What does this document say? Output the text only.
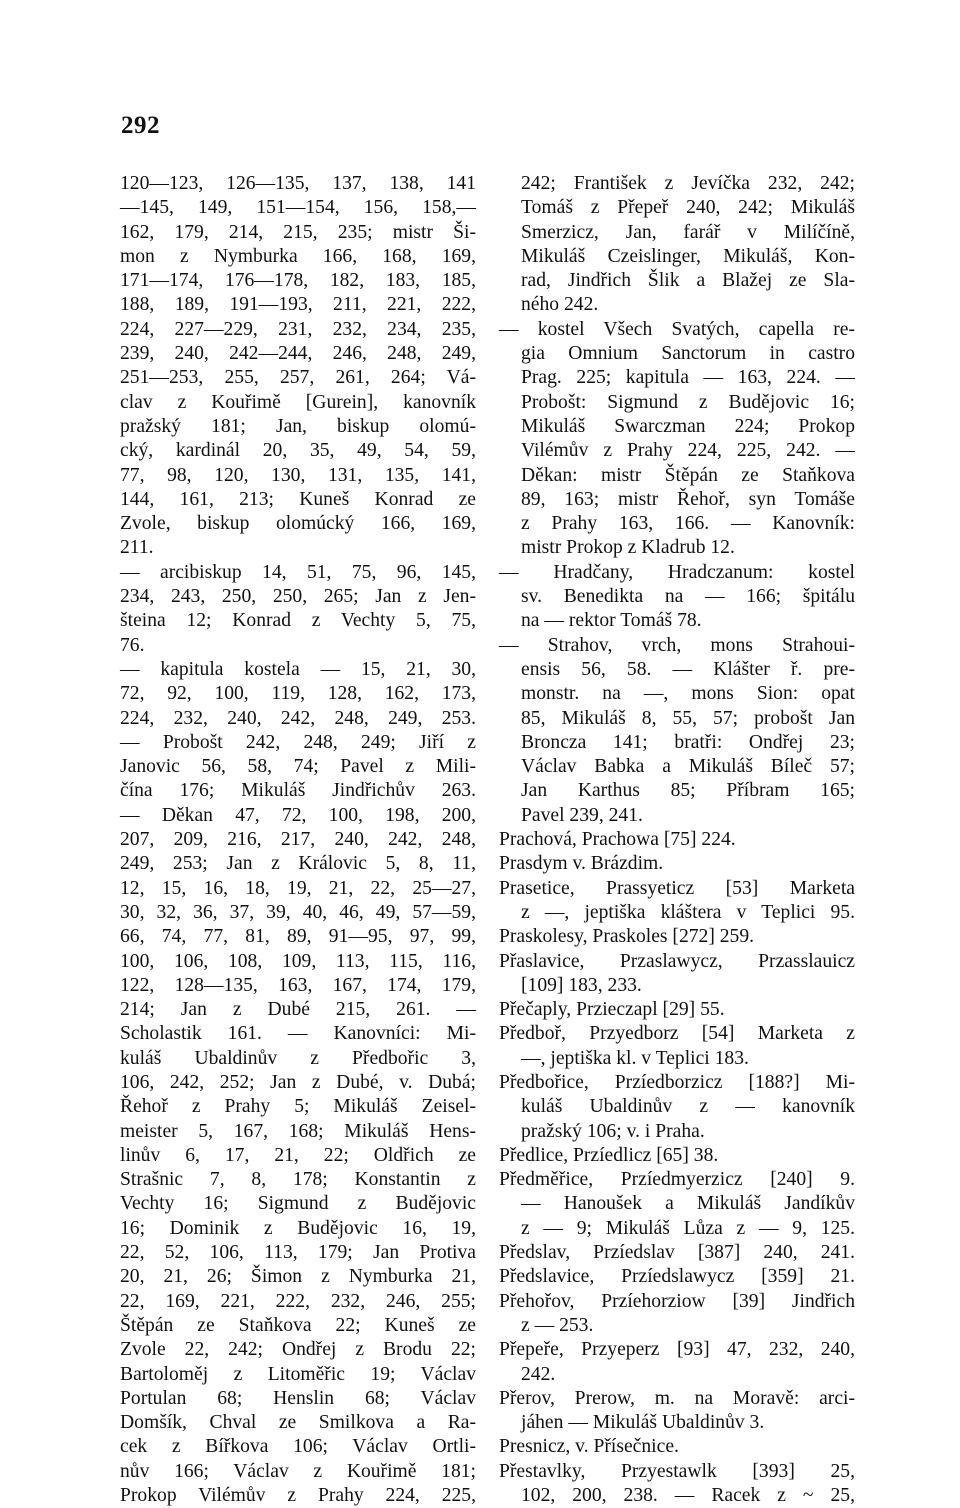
292
120—123, 126—135, 137, 138, 141
—145, 149, 151—154, 156, 158,—
162, 179, 214, 215, 235; mistr Ši-
mon z Nymburka 166, 168, 169,
171—174, 176—178, 182, 183, 185,
188, 189, 191—193, 211, 221, 222,
224, 227—229, 231, 232, 234, 235,
239, 240, 242—244, 246, 248, 249,
251—253, 255, 257, 261, 264; Vá-
clav z Kouřimě [Gurein], kanovník
pražský 181; Jan, biskup olomú-
cký, kardinál 20, 35, 49, 54, 59,
77, 98, 120, 130, 131, 135, 141,
144, 161, 213; Kuneš Konrad ze
Zvole, biskup olomúcký 166, 169,
211.
— arcibiskup 14, 51, 75, 96, 145,
234, 243, 250, 250, 265; Jan z Jen-
šteina 12; Konrad z Vechty 5, 75,
76.
— kapitula kostela — 15, 21, 30,
72, 92, 100, 119, 128, 162, 173,
224, 232, 240, 242, 248, 249, 253.
— Probošt 242, 248, 249; Jiří z
Janovic 56, 58, 74; Pavel z Mili-
čína 176; Mikuláš Jindřichův 263.
— Děkan 47, 72, 100, 198, 200,
207, 209, 216, 217, 240, 242, 248,
249, 253; Jan z Královic 5, 8, 11,
12, 15, 16, 18, 19, 21, 22, 25—27,
30, 32, 36, 37, 39, 40, 46, 49, 57—59,
66, 74, 77, 81, 89, 91—95, 97, 99,
100, 106, 108, 109, 113, 115, 116,
122, 128—135, 163, 167, 174, 179,
214; Jan z Dubé 215, 261. —
Scholastik 161. — Kanovníci: Mi-
kuláš Ubaldinův z Předbořic 3,
106, 242, 252; Jan z Dubé, v. Dubá;
Řehoř z Prahy 5; Mikuláš Zeisel-
meister 5, 167, 168; Mikuláš Hens-
linův 6, 17, 21, 22; Oldřich ze
Strašnic 7, 8, 178; Konstantin z
Vechty 16; Sigmund z Budějovic
16; Dominik z Budějovic 16, 19,
22, 52, 106, 113, 179; Jan Protiva
20, 21, 26; Šimon z Nymburka 21,
22, 169, 221, 222, 232, 246, 255;
Štěpán ze Staňkova 22; Kuneš ze
Zvole 22, 242; Ondřej z Brodu 22;
Bartoloměj z Litoměřic 19; Václav
Portulan 68; Henslin 68; Václav
Domšík, Chval ze Smilkova a Ra-
cek z Bířkova 106; Václav Ortli-
nův 166; Václav z Kouřimě 181;
Prokop Vilémův z Prahy 224, 225,
242; František z Jevíčka 232, 242;
Tomáš z Přepeř 240, 242; Mikuláš
Smerzicz, Jan, farář v Milíčíně,
Mikuláš Czeislinger, Mikuláš, Kon-
rad, Jindřich Šlik a Blažej ze Sla-
ného 242.
— kostel Všech Svatých, capella re-
gia Omnium Sanctorum in castro
Prag. 225; kapitula — 163, 224. —
Probošt: Sigmund z Budějovic 16;
Mikuláš Swarczman 224; Prokop
Vilémův z Prahy 224, 225, 242. —
Děkan: mistr Štěpán ze Staňkova
89, 163; mistr Řehoř, syn Tomáše
z Prahy 163, 166. — Kanovník:
mistr Prokop z Kladrub 12.
— Hradčany, Hradczanum: kostel
sv. Benedikta na — 166; špitálu
na — rektor Tomáš 78.
— Strahov, vrch, mons Strahoui-
ensis 56, 58. — Klášter ř. pre-
monstr. na —, mons Sion: opat
85, Mikuláš 8, 55, 57; probošt Jan
Broncza 141; bratři: Ondřej 23;
Václav Babka a Mikuláš Bíleč 57;
Jan Karthus 85; Příbram 165;
Pavel 239, 241.
Prachová, Prachowa [75] 224.
Prasdym v. Brázdim.
Prasetice, Prassyeticz [53] Marketa
z —, jeptiška kláštera v Teplici 95.
Praskolesy, Praskoles [272] 259.
Přaslavice, Przaslawycz, Przasslauicz
[109] 183, 233.
Přečaply, Przieczapl [29] 55.
Předboř, Przyedborz [54] Marketa z
—, jeptiška kl. v Teplici 183.
Předbořice, Przíedborzicz [188?] Mi-
kuláš Ubaldinův z — kanovník
pražský 106; v. i Praha.
Předlice, Przíedlicz [65] 38.
Předměřice, Przíedmyerzicz [240] 9.
— Hanoušek a Mikuláš Jandíkův
z — 9; Mikuláš Lůza z — 9, 125.
Předslav, Przíedslav [387] 240, 241.
Předslavice, Przíedslawycz [359] 21.
Přehořov, Przíehorziow [39] Jindřich
z — 253.
Přepeře, Przyeperz [93] 47, 232, 240,
242.
Přerov, Prerow, m. na Moravě: arci-
jáhen — Mikuláš Ubaldinův 3.
Presnicz, v. Přísečnice.
Přestavlky, Przyestawlk [393] 25,
102, 200, 238. — Racek z ~ 25,
